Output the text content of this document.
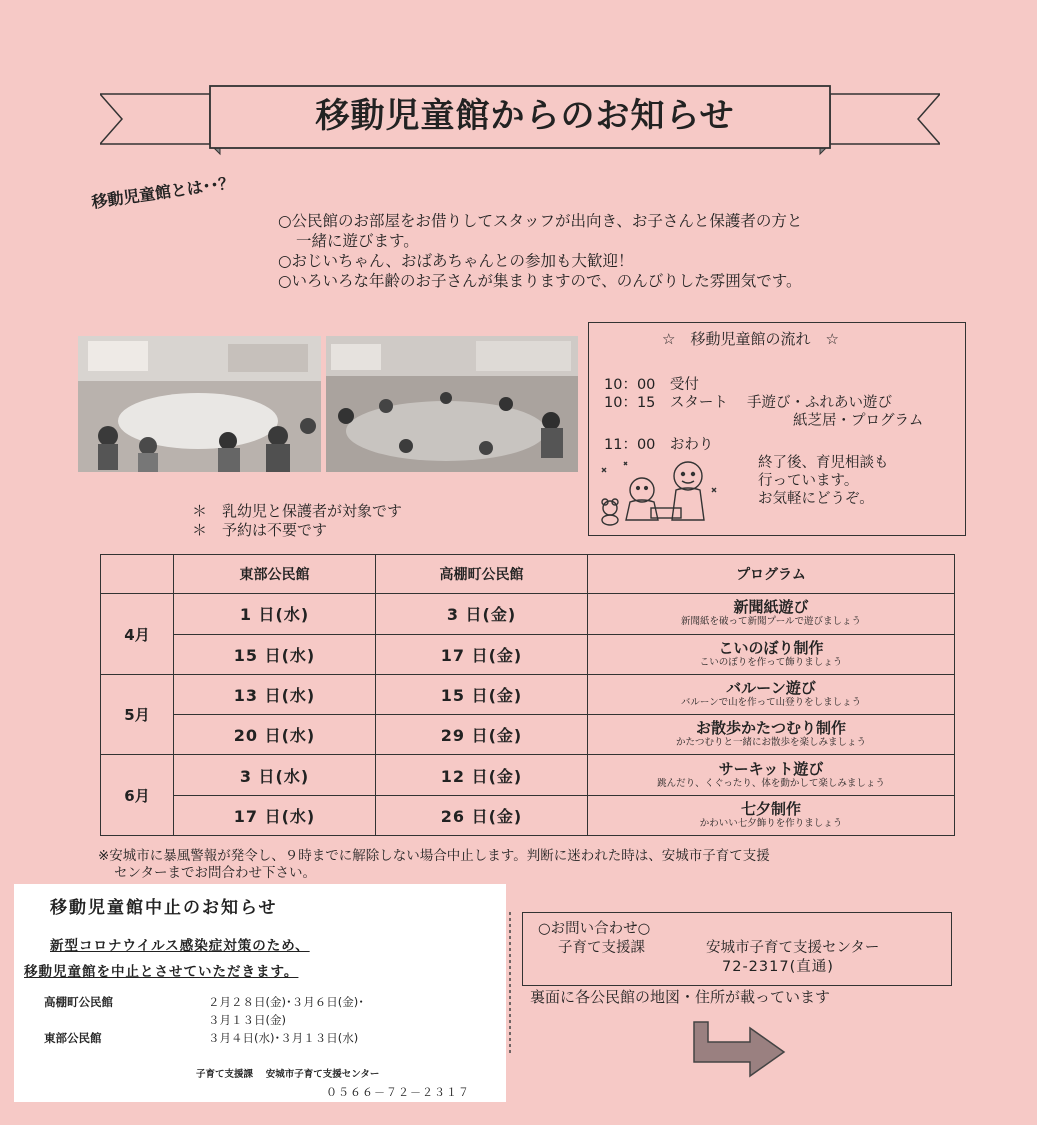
移動児童館からのお知らせ
移動児童館とは･･？
○公民館のお部屋をお借りしてスタッフが出向き、お子さんと保護者の方と
一緒に遊びます。
○おじいちゃん、おばあちゃんとの参加も大歓迎！
○いろいろな年齢のお子さんが集まりますので、のんびりした雰囲気です。
☆　移動児童館の流れ　☆
10：00　受付
10：15　スタート　 手遊び・ふれあい遊び
紙芝居・プログラム
11：00　おわり
終了後、育児相談も
行っています。
お気軽にどうぞ。
＊　乳幼児と保護者が対象です
＊　予約は不要です
	東部公民館	高棚町公民館	プログラム
4月	1 日(水)	3 日(金)	新聞紙遊び
新聞紙を破って新聞プールで遊びましょう

	15 日(水)	17 日(金)	こいのぼり制作
こいのぼりを作って飾りましょう

5月	13 日(水)	15 日(金)	バルーン遊び
バルーンで山を作って山登りをしましょう

	20 日(水)	29 日(金)	お散歩かたつむり制作
かたつむりと一緒にお散歩を楽しみましょう

6月	3 日(水)	12 日(金)	サーキット遊び
跳んだり、くぐったり、体を動かして楽しみましょう

	17 日(水)	26 日(金)	七夕制作
かわいい七夕飾りを作りましょう
※安城市に暴風警報が発令し、９時までに解除しない場合中止します。判断に迷われた時は、安城市子育て支援
センターまでお問合わせ下さい。
移動児童館中止のお知らせ
新型コロナウイルス感染症対策のため、
移動児童館を中止とさせていただきます。
高棚町公民館	２月２８日(金)･３月６日(金)･
３月１３日(金)
東部公民館	３月４日(水)･３月１３日(水)
子育て支援課　 安城市子育て支援センター
０５６６－７２－２３１７
○お問い合わせ○
子育て支援課	安城市子育て支援センター
72-2317(直通)
裏面に各公民館の地図・住所が載っています
